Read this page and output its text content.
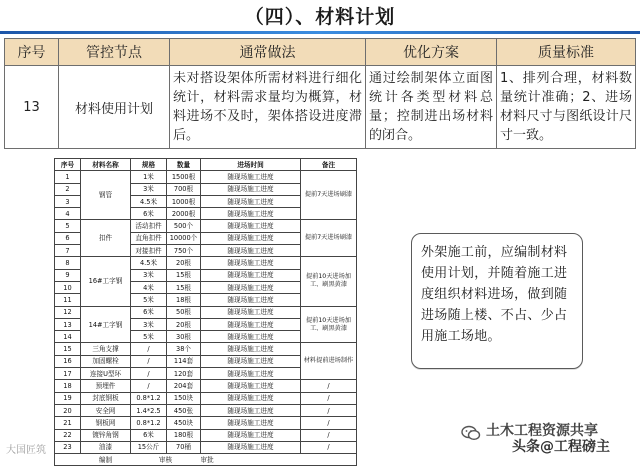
（四）、材料计划
序号	管控节点	通常做法	优化方案	质量标准
13	材料使用计划	未对搭设架体所需材料进行细化统计，材料需求量均为概算，材料进场不及时，架体搭设进度滞后。	通过绘制架体立面图统计各类型材料总量；控制进出场材料的闭合。	1、排列合理，材料数量统计准确；2、进场材料尺寸与图纸设计尺寸一致。
序号	材料名称	规格	数量	进场时间	备注
1	钢管	1米	1500根	随现场施工进度	提前7天进场刷漆
2		3米	700根	随现场施工进度	
3		4.5米	1000根	随现场施工进度	
4		6米	2000根	随现场施工进度	
5	扣件	活动扣件	500个	随现场施工进度	提前7天进场刷漆
6		直角扣件	10000个	随现场施工进度	
7		对接扣件	750个	随现场施工进度	
8	16#工字钢	4.5米	20根	随现场施工进度	提前10天进场加工、刷黑黄漆
9		3米	15根	随现场施工进度	
10		4米	15根	随现场施工进度	
11		5米	18根	随现场施工进度	
12	14#工字钢	6米	50根	随现场施工进度	提前10天进场加工、刷黑黄漆
13		3米	20根	随现场施工进度	
14		5米	30根	随现场施工进度	
15	三角支撑	/	38个	随现场施工进度	材料提前进场制作
16	加固螺栓	/	114套	随现场施工进度	
17	连接U型环	/	120套	随现场施工进度	
18	预埋件	/	204套	随现场施工进度	/
19	封底钢板	0.8*1.2	150块	随现场施工进度	/
20	安全网	1.4*2.5	450张	随现场施工进度	/
21	钢板网	0.8*1.2	450块	随现场施工进度	/
22	镀锌角钢	6米	180根	随现场施工进度	/
23	油漆	15公斤	70桶	随现场施工进度	/
	编制	审核		审批	
外架施工前，应编制材料使用计划，并随着施工进度组织材料进场，做到随进场随上楼、不占、少占用施工场地。
土木工程资源共享
头条@工程磅主
大国匠筑
